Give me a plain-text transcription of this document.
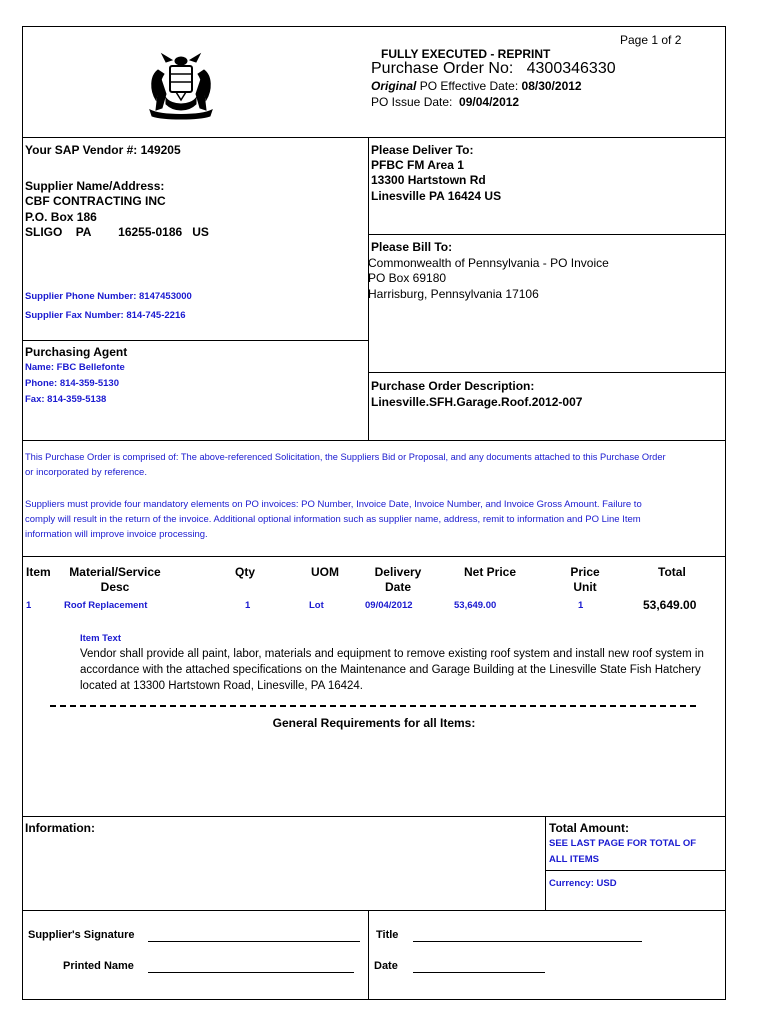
Page 1 of 2
FULLY EXECUTED - REPRINT
Purchase Order No: 4300346330
Original PO Effective Date: 08/30/2012
PO Issue Date: 09/04/2012
Your SAP Vendor #: 149205
Supplier Name/Address:
CBF CONTRACTING INC
P.O. Box 186
SLIGO PA 16255-0186 US
Supplier Phone Number: 8147453000
Supplier Fax Number: 814-745-2216
Please Deliver To:
PFBC FM Area 1
13300 Hartstown Rd
Linesville PA 16424 US
Please Bill To:
Commonwealth of Pennsylvania - PO Invoice
PO Box 69180
Harrisburg, Pennsylvania 17106
Purchasing Agent
Name: FBC Bellefonte
Phone: 814-359-5130
Fax: 814-359-5138
Purchase Order Description:
Linesville.SFH.Garage.Roof.2012-007
This Purchase Order is comprised of: The above-referenced Solicitation, the Suppliers Bid or Proposal, and any documents attached to this Purchase Order
or incorporated by reference.
Suppliers must provide four mandatory elements on PO invoices: PO Number, Invoice Date, Invoice Number, and Invoice Gross Amount. Failure to
comply will result in the return of the invoice. Additional optional information such as supplier name, address, remit to information and PO Line Item
information will improve invoice processing.
Item	Material/Service
Desc
Qty	UOM	Delivery
Date
Net Price	Price
Unit
Total
1	Roof Replacement	1	Lot	09/04/2012	53,649.00	1	53,649.00
Item Text
Vendor shall provide all paint, labor, materials and equipment to remove existing roof system and install new roof system in
accordance with the attached specifications on the Maintenance and Garage Building at the Linesville State Fish Hatchery
located at 13300 Hartstown Road, Linesville, PA 16424.
General Requirements for all Items:
Information:	Total Amount:
SEE LAST PAGE FOR TOTAL OF
ALL ITEMS
Currency: USD
Supplier's Signature
Printed Name
Title
Date
